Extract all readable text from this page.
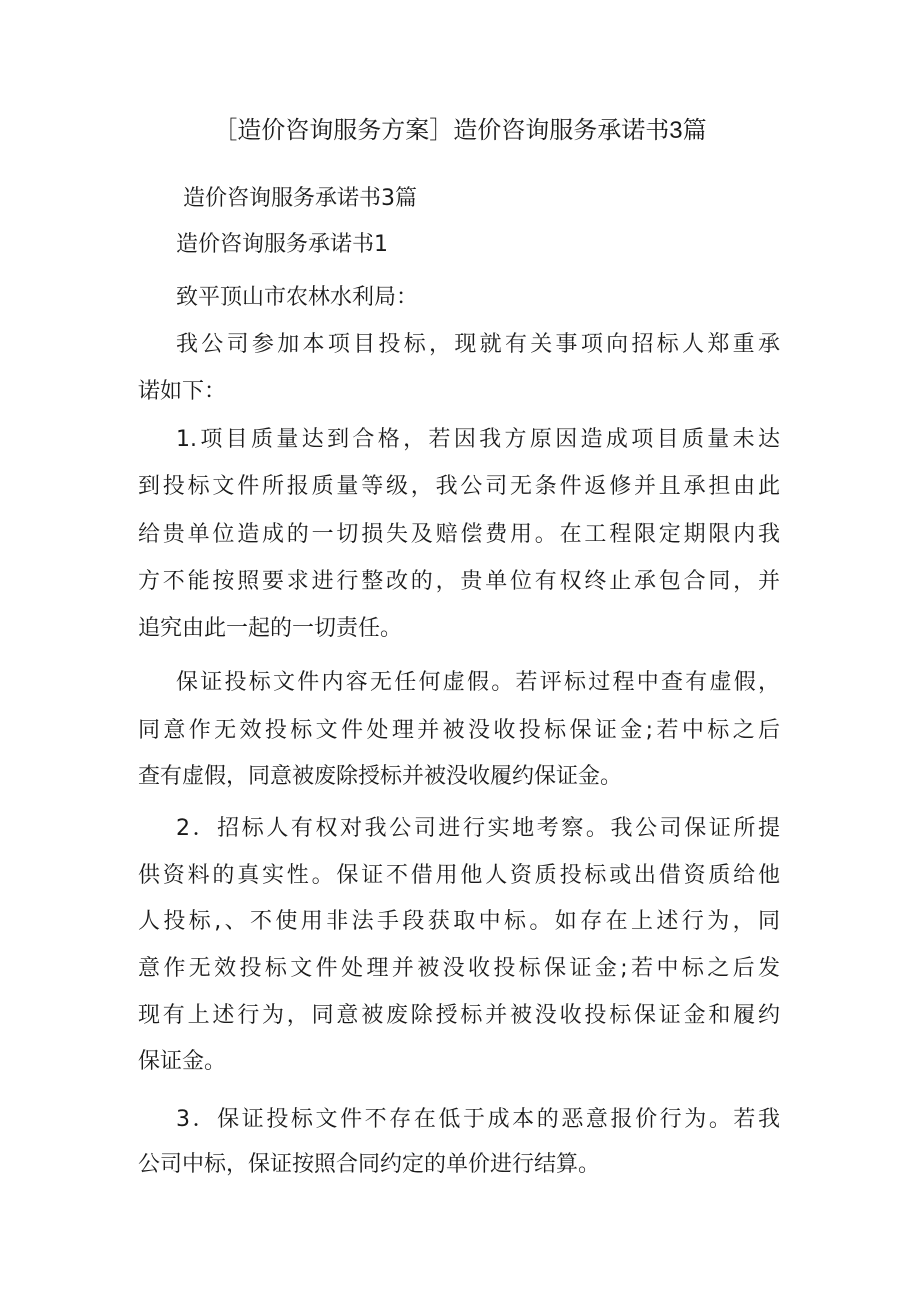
［造价咨询服务方案］造价咨询服务承诺书3篇
造价咨询服务承诺书3篇
造价咨询服务承诺书1
致平顶山市农林水利局：
我公司参加本项目投标，现就有关事项向招标人郑重承
诺如下：
1.项目质量达到合格，若因我方原因造成项目质量未达
到投标文件所报质量等级，我公司无条件返修并且承担由此
给贵单位造成的一切损失及赔偿费用。在工程限定期限内我
方不能按照要求进行整改的，贵单位有权终止承包合同，并
追究由此一起的一切责任。
保证投标文件内容无任何虚假。若评标过程中查有虚假，
同意作无效投标文件处理并被没收投标保证金;若中标之后
查有虚假，同意被废除授标并被没收履约保证金。
2．招标人有权对我公司进行实地考察。我公司保证所提
供资料的真实性。保证不借用他人资质投标或出借资质给他
人投标,、不使用非法手段获取中标。如存在上述行为，同
意作无效投标文件处理并被没收投标保证金;若中标之后发
现有上述行为，同意被废除授标并被没收投标保证金和履约
保证金。
3．保证投标文件不存在低于成本的恶意报价行为。若我
公司中标，保证按照合同约定的单价进行结算。
